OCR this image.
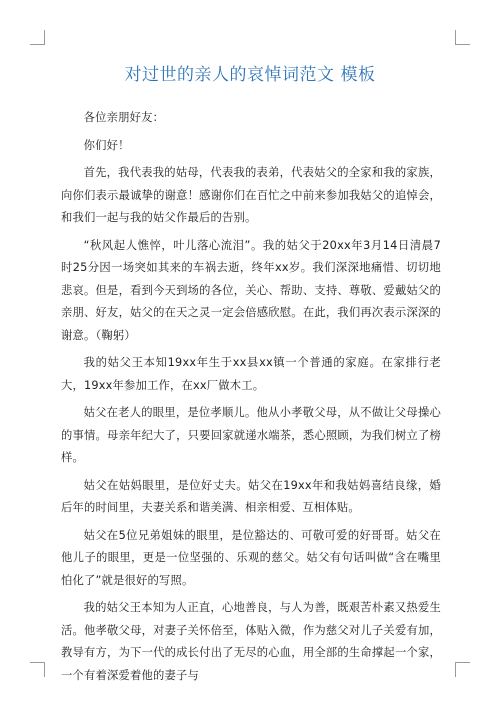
对过世的亲人的哀悼词范文 模板

各位亲朋好友：

你们好！

首先，我代表我的姑母，代表我的表弟，代表姑父的全家和我的家族，向你们表示最诚挚的谢意！感谢你们在百忙之中前来参加我姑父的追悼会，和我们一起与我的姑父作最后的告别。

“秋风起人憔悴，叶儿落心流泪”。我的姑父于20xx年3月14日清晨7时25分因一场突如其来的车祸去逝，终年xx岁。我们深深地痛惜、切切地悲哀。但是，看到今天到场的各位，关心、帮助、支持、尊敬、爱戴姑父的亲朋、好友，姑父的在天之灵一定会倍感欣慰。在此，我们再次表示深深的谢意。（鞠躬）

我的姑父王本知19xx年生于xx县xx镇一个普通的家庭。在家排行老大，19xx年参加工作，在xx厂做木工。

姑父在老人的眼里，是位孝顺儿。他从小孝敬父母，从不做让父母操心的事情。母亲年纪大了，只要回家就递水端茶，悉心照顾，为我们树立了榜样。

姑父在姑妈眼里，是位好丈夫。姑父在19xx年和我姑妈喜结良缘，婚后年的时间里，夫妻关系和谐美满、相亲相爱、互相体贴。

姑父在5位兄弟姐妹的眼里，是位豁达的、可敬可爱的好哥哥。姑父在他儿子的眼里，更是一位坚强的、乐观的慈父。姑父有句话叫做“含在嘴里怕化了”就是很好的写照。

我的姑父王本知为人正直，心地善良，与人为善，既艰苦朴素又热爱生活。他孝敬父母，对妻子关怀倍至，体贴入微，作为慈父对儿子关爱有加，教导有方，为下一代的成长付出了无尽的心血，用全部的生命撑起一个家，一个有着深爱着他的妻子与
